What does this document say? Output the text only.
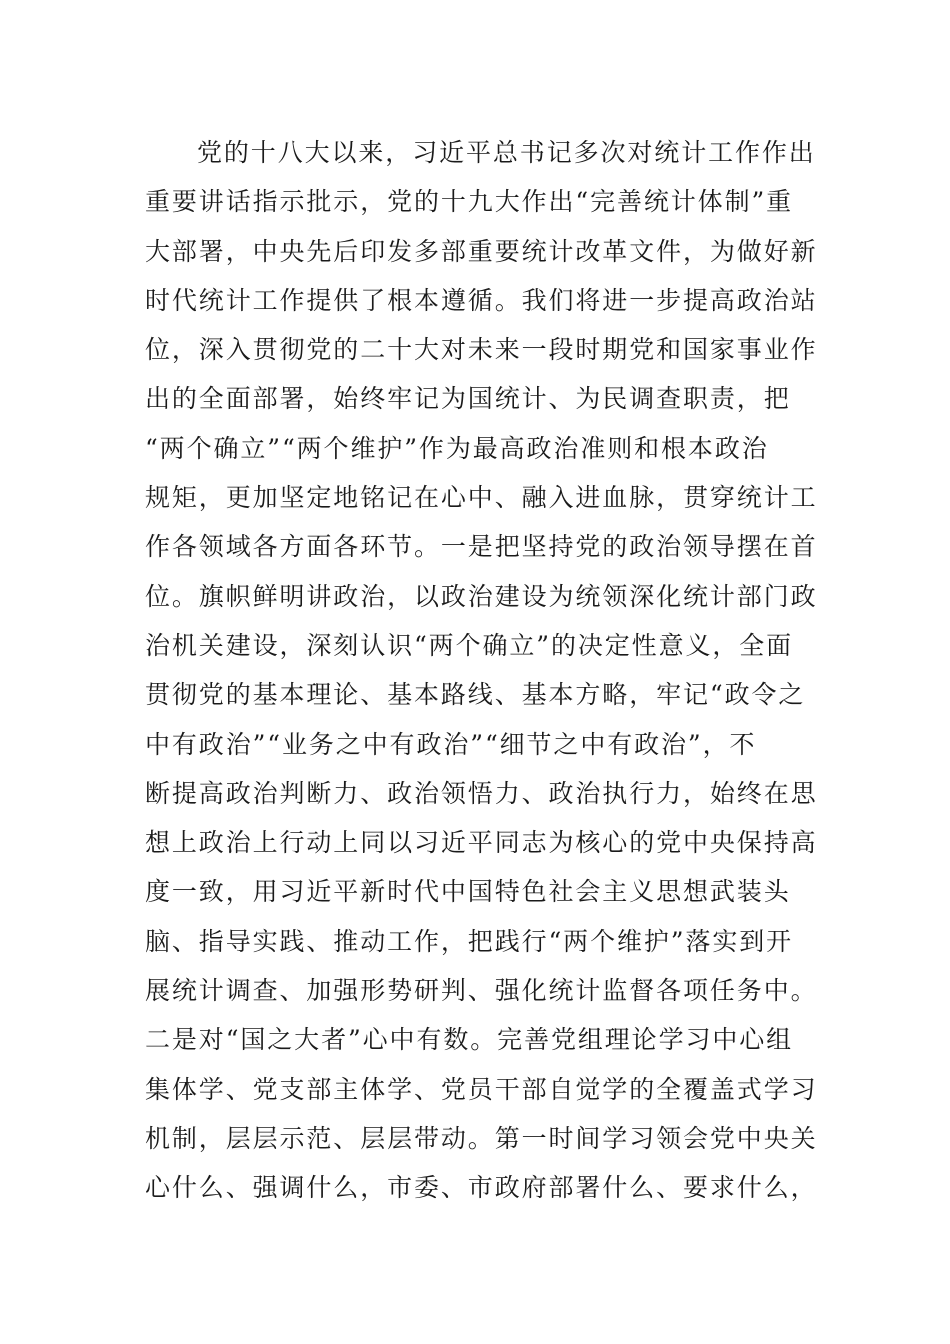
党的十八大以来，习近平总书记多次对统计工作作出
重要讲话指示批示，党的十九大作出“完善统计体制”重
大部署，中央先后印发多部重要统计改革文件，为做好新
时代统计工作提供了根本遵循。我们将进一步提高政治站
位，深入贯彻党的二十大对未来一段时期党和国家事业作
出的全面部署，始终牢记为国统计、为民调查职责，把
“两个确立”“两个维护”作为最高政治准则和根本政治
规矩，更加坚定地铭记在心中、融入进血脉，贯穿统计工
作各领域各方面各环节。一是把坚持党的政治领导摆在首
位。旗帜鲜明讲政治，以政治建设为统领深化统计部门政
治机关建设，深刻认识“两个确立”的决定性意义，全面
贯彻党的基本理论、基本路线、基本方略，牢记“政令之
中有政治”“业务之中有政治”“细节之中有政治”，不
断提高政治判断力、政治领悟力、政治执行力，始终在思
想上政治上行动上同以习近平同志为核心的党中央保持高
度一致，用习近平新时代中国特色社会主义思想武装头
脑、指导实践、推动工作，把践行“两个维护”落实到开
展统计调查、加强形势研判、强化统计监督各项任务中。
二是对“国之大者”心中有数。完善党组理论学习中心组
集体学、党支部主体学、党员干部自觉学的全覆盖式学习
机制，层层示范、层层带动。第一时间学习领会党中央关
心什么、强调什么，市委、市政府部署什么、要求什么，
